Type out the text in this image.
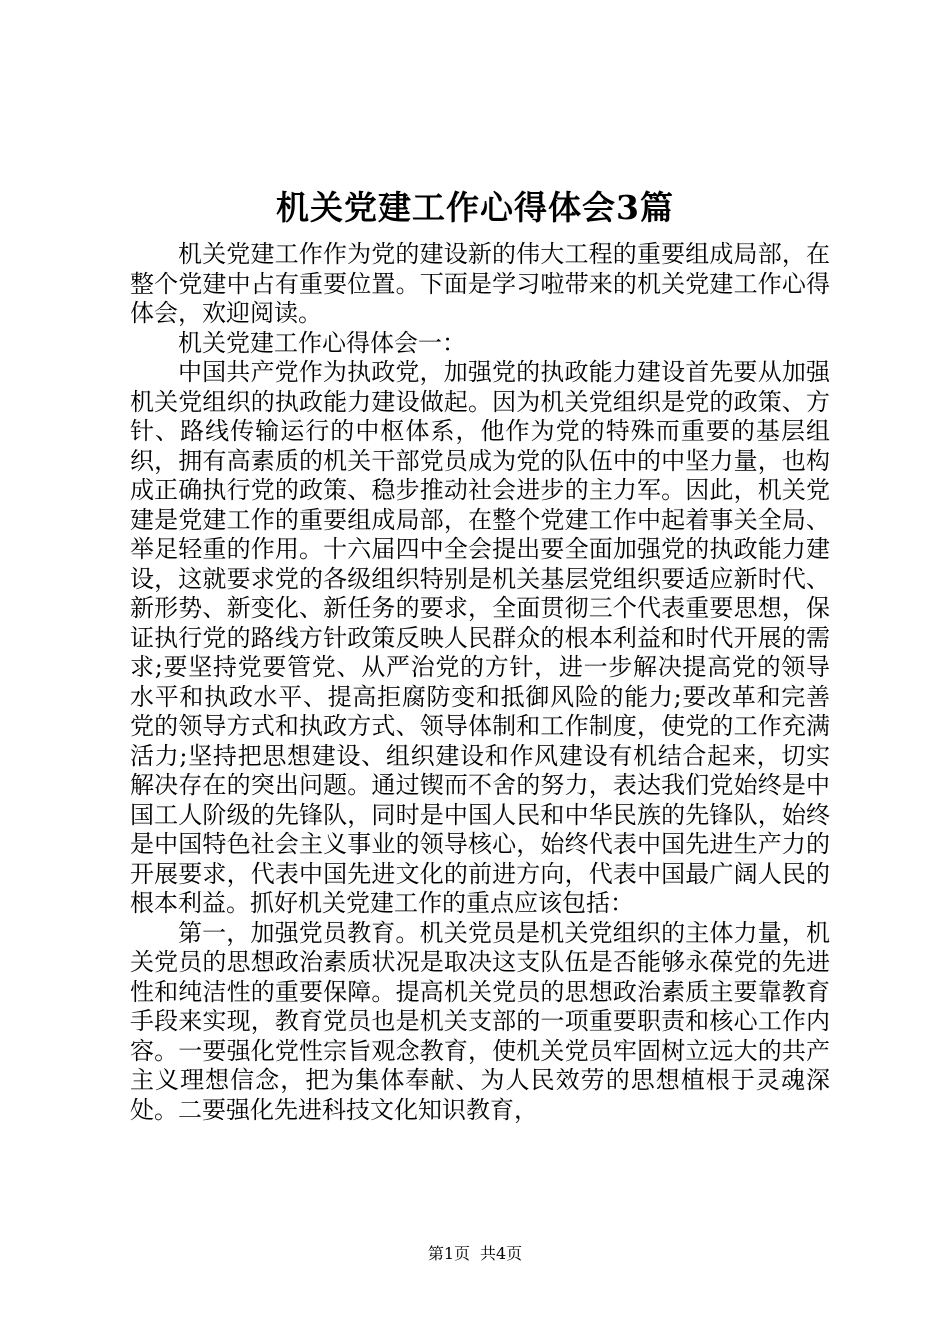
机关党建工作心得体会3篇

机关党建工作作为党的建设新的伟大工程的重要组成局部，在整个党建中占有重要位置。下面是学习啦带来的机关党建工作心得体会，欢迎阅读。

机关党建工作心得体会一：

中国共产党作为执政党，加强党的执政能力建设首先要从加强机关党组织的执政能力建设做起。因为机关党组织是党的政策、方针、路线传输运行的中枢体系，他作为党的特殊而重要的基层组织，拥有高素质的机关干部党员成为党的队伍中的中坚力量，也构成正确执行党的政策、稳步推动社会进步的主力军。因此，机关党建是党建工作的重要组成局部，在整个党建工作中起着事关全局、举足轻重的作用。十六届四中全会提出要全面加强党的执政能力建设，这就要求党的各级组织特别是机关基层党组织要适应新时代、新形势、新变化、新任务的要求，全面贯彻三个代表重要思想，保证执行党的路线方针政策反映人民群众的根本利益和时代开展的需求;要坚持党要管党、从严治党的方针，进一步解决提高党的领导水平和执政水平、提高拒腐防变和抵御风险的能力;要改革和完善党的领导方式和执政方式、领导体制和工作制度，使党的工作充满活力;坚持把思想建设、组织建设和作风建设有机结合起来，切实解决存在的突出问题。通过锲而不舍的努力，表达我们党始终是中国工人阶级的先锋队，同时是中国人民和中华民族的先锋队，始终是中国特色社会主义事业的领导核心，始终代表中国先进生产力的开展要求，代表中国先进文化的前进方向，代表中国最广阔人民的根本利益。抓好机关党建工作的重点应该包括：

第一，加强党员教育。机关党员是机关党组织的主体力量，机关党员的思想政治素质状况是取决这支队伍是否能够永葆党的先进性和纯洁性的重要保障。提高机关党员的思想政治素质主要靠教育手段来实现，教育党员也是机关支部的一项重要职责和核心工作内容。一要强化党性宗旨观念教育，使机关党员牢固树立远大的共产主义理想信念，把为集体奉献、为人民效劳的思想植根于灵魂深处。二要强化先进科技文化知识教育，

第1页 共4页
